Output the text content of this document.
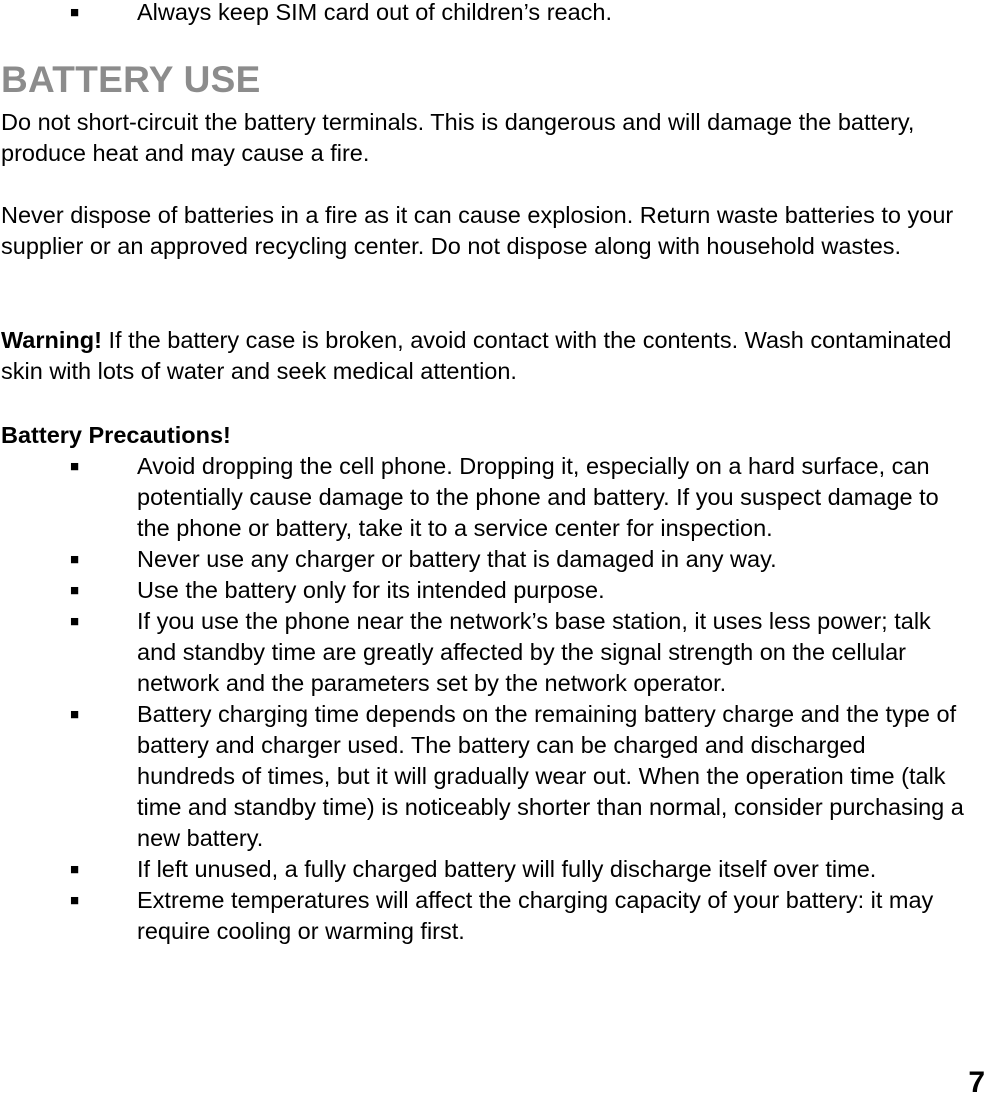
■ Always keep SIM card out of children’s reach.
BATTERY USE

Do not short-circuit the battery terminals. This is dangerous and will damage the battery, produce heat and may cause a fire.

Never dispose of batteries in a fire as it can cause explosion. Return waste batteries to your supplier or an approved recycling center. Do not dispose along with household wastes.

Warning! If the battery case is broken, avoid contact with the contents. Wash contaminated skin with lots of water and seek medical attention.

Battery Precautions!
■ Avoid dropping the cell phone. Dropping it, especially on a hard surface, can potentially cause damage to the phone and battery. If you suspect damage to the phone or battery, take it to a service center for inspection.
■ Never use any charger or battery that is damaged in any way.
■ Use the battery only for its intended purpose.
■ If you use the phone near the network’s base station, it uses less power; talk and standby time are greatly affected by the signal strength on the cellular network and the parameters set by the network operator.
■ Battery charging time depends on the remaining battery charge and the type of battery and charger used. The battery can be charged and discharged hundreds of times, but it will gradually wear out. When the operation time (talk time and standby time) is noticeably shorter than normal, consider purchasing a new battery.
■ If left unused, a fully charged battery will fully discharge itself over time.
■ Extreme temperatures will affect the charging capacity of your battery: it may require cooling or warming first.
7
